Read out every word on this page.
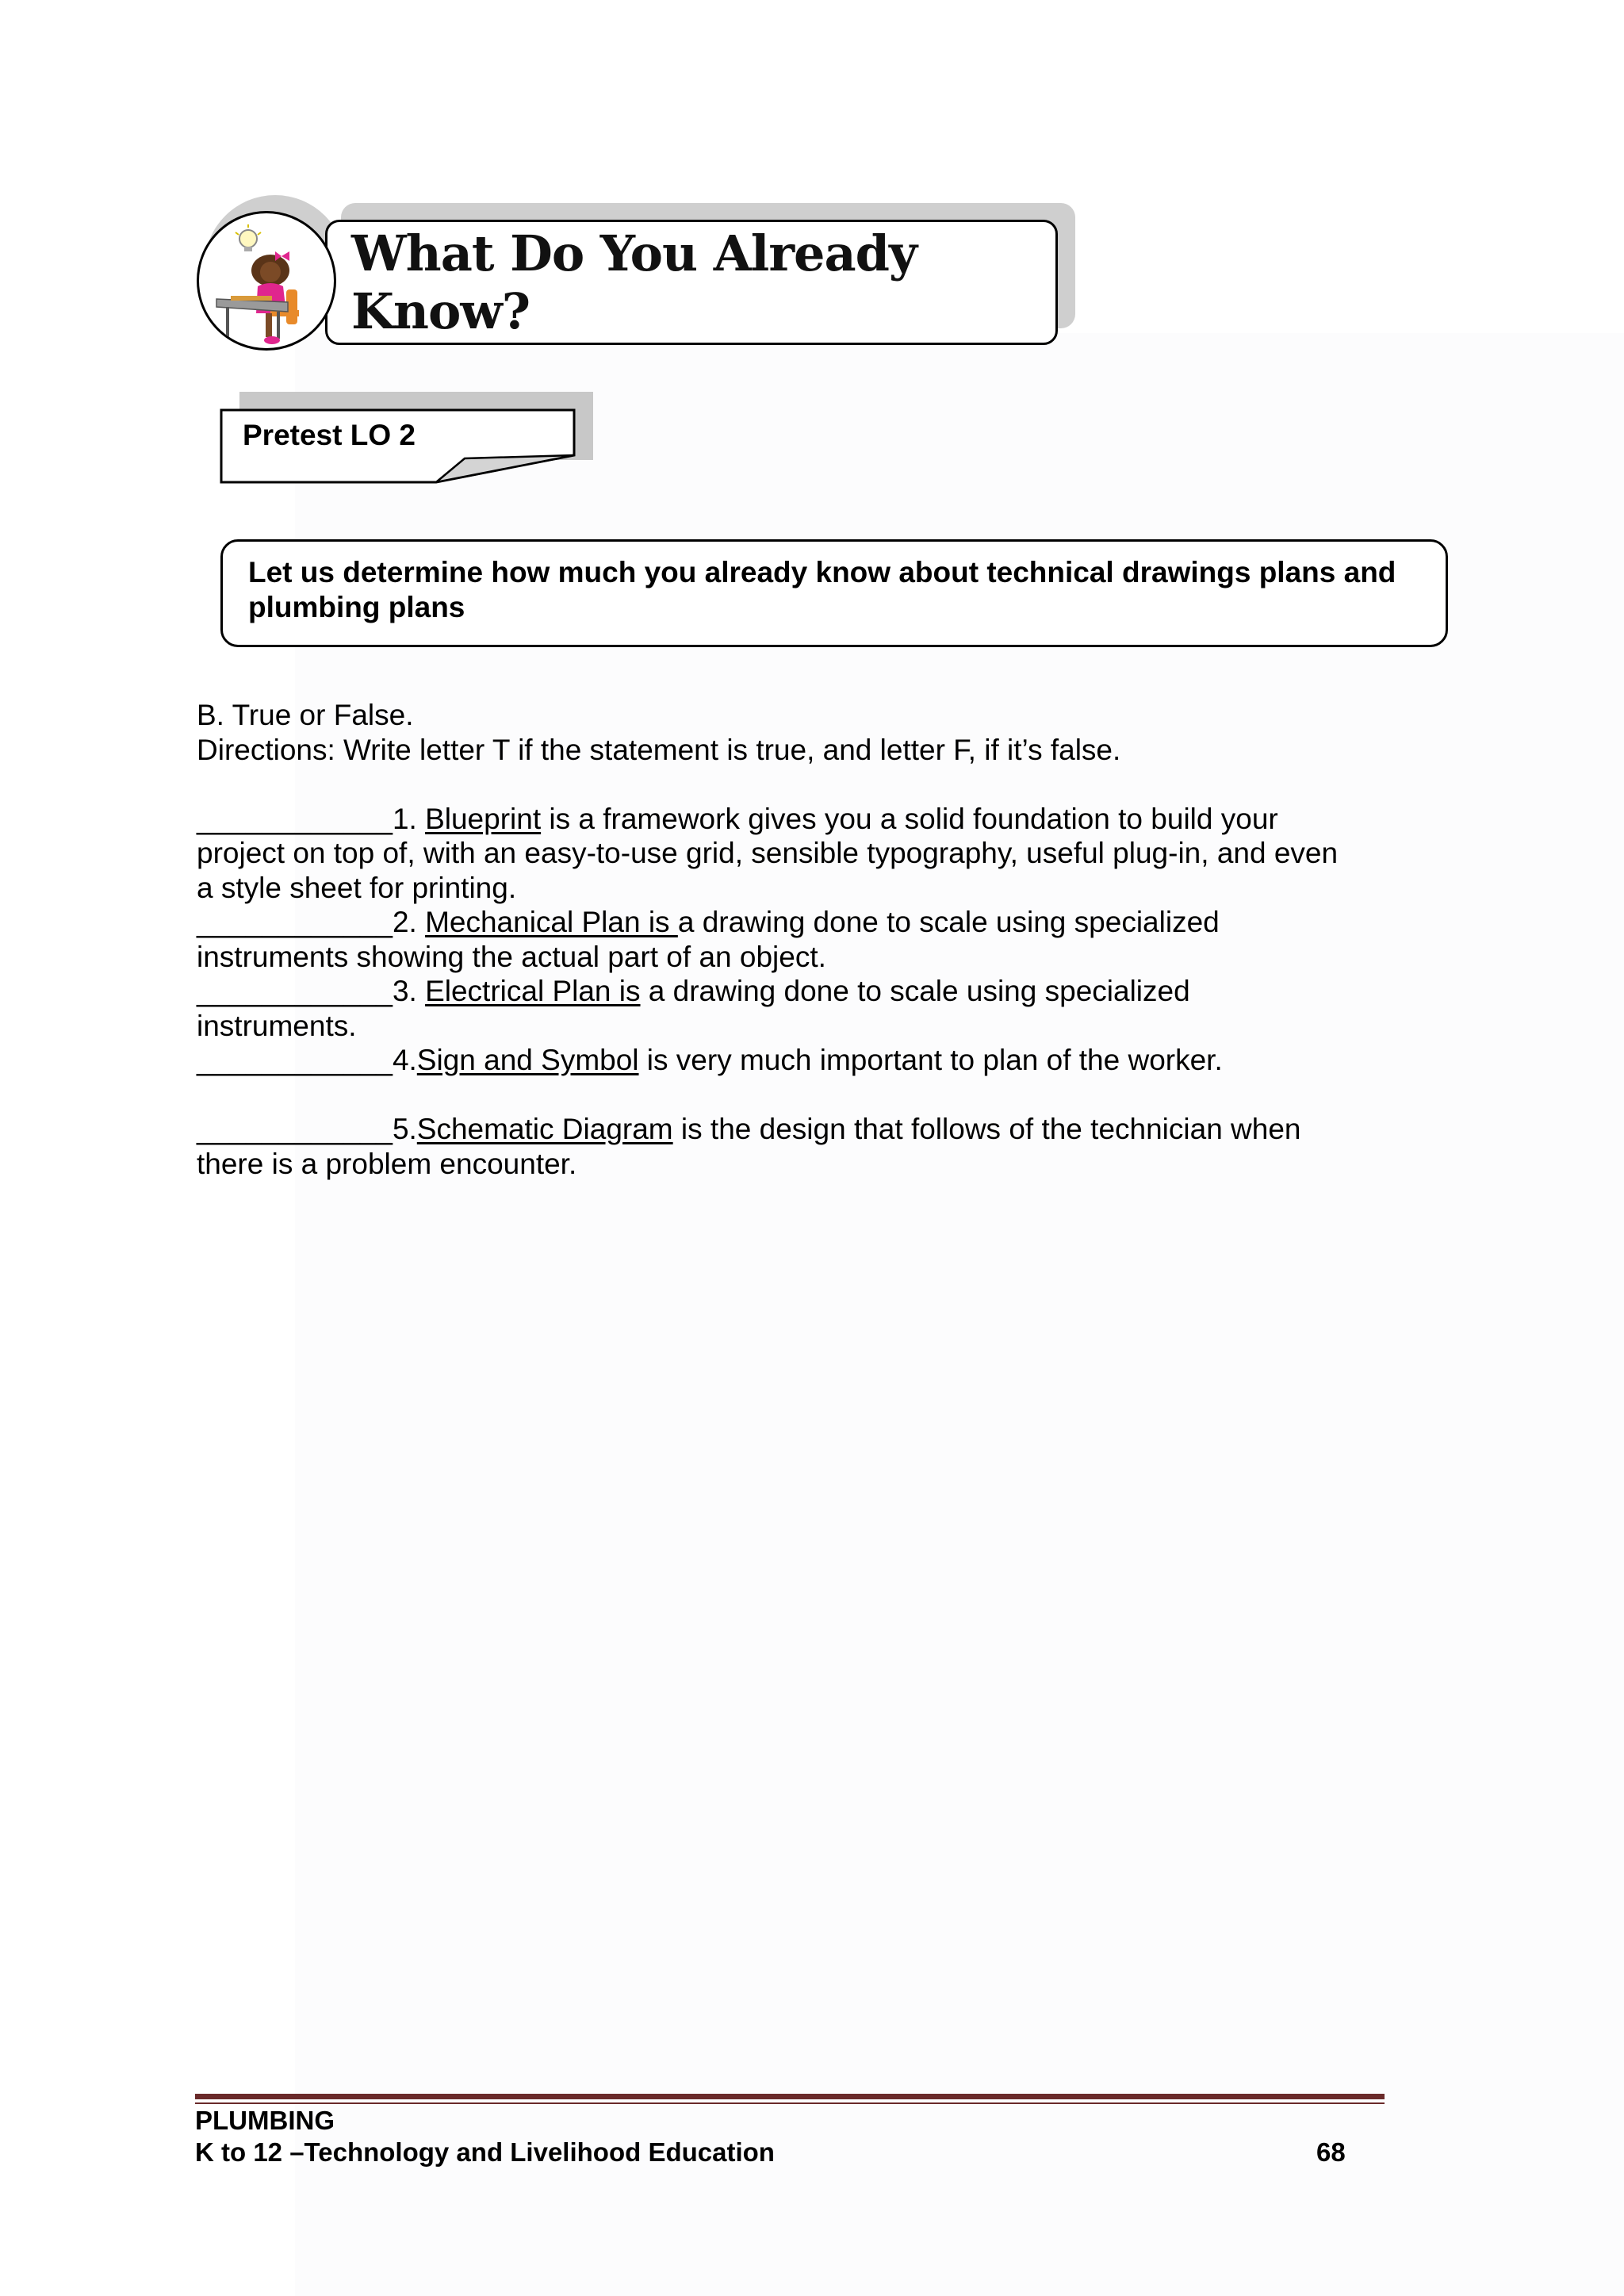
What Do You Already Know?
Pretest LO 2

Let us determine how much you already know about technical drawings plans and

plumbing plans

B. True or False.

Directions: Write letter T if the statement is true, and letter F, if it’s false.

____________1. Blueprint is a framework gives you a solid foundation to build your

project on top of, with an easy-to-use grid, sensible typography, useful plug-in, and even

a style sheet for printing.

____________2. Mechanical Plan is a drawing done to scale using specialized

instruments showing the actual part of an object.

____________3. Electrical Plan is a drawing done to scale using specialized

instruments.

____________4.Sign and Symbol is very much important to plan of the worker.

____________5.Schematic Diagram is the design that follows of the technician when

there is a problem encounter.

PLUMBING
K to 12 –Technology and Livelihood Education	68
